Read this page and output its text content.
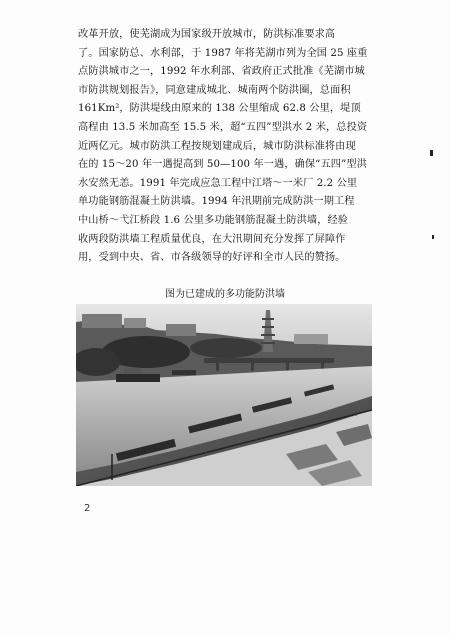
改革开放，使芜湖成为国家级开放城市，防洪标准要求高
了。国家防总、水利部，于 1987 年将芜湖市列为全国 25 座重
点防洪城市之一，1992 年水利部、省政府正式批准《芜湖市城
市防洪规划报告》，同意建成城北、城南两个防洪圈，总面积
161Km²，防洪堤线由原来的 138 公里缩成 62.8 公里，堤顶
高程由 13.5 米加高至 15.5 米，超“五四”型洪水 2 米，总投资
近两亿元。城市防洪工程按规划建成后，城市防洪标准将由现
在的 15～20 年一遇提高到 50—100 年一遇，确保“五四”型洪
水安然无恙。1991 年完成应急工程中江塔～一米厂 2.2 公里
单功能钢筋混凝土防洪墙。1994 年汛期前完成防洪一期工程
中山桥～弋江桥段 1.6 公里多功能钢筋混凝土防洪墙，经验
收两段防洪墙工程质量优良，在大汛期间充分发挥了屏障作
用，受到中央、省、市各级领导的好评和全市人民的赞扬。
图为已建成的多功能防洪墙
2
